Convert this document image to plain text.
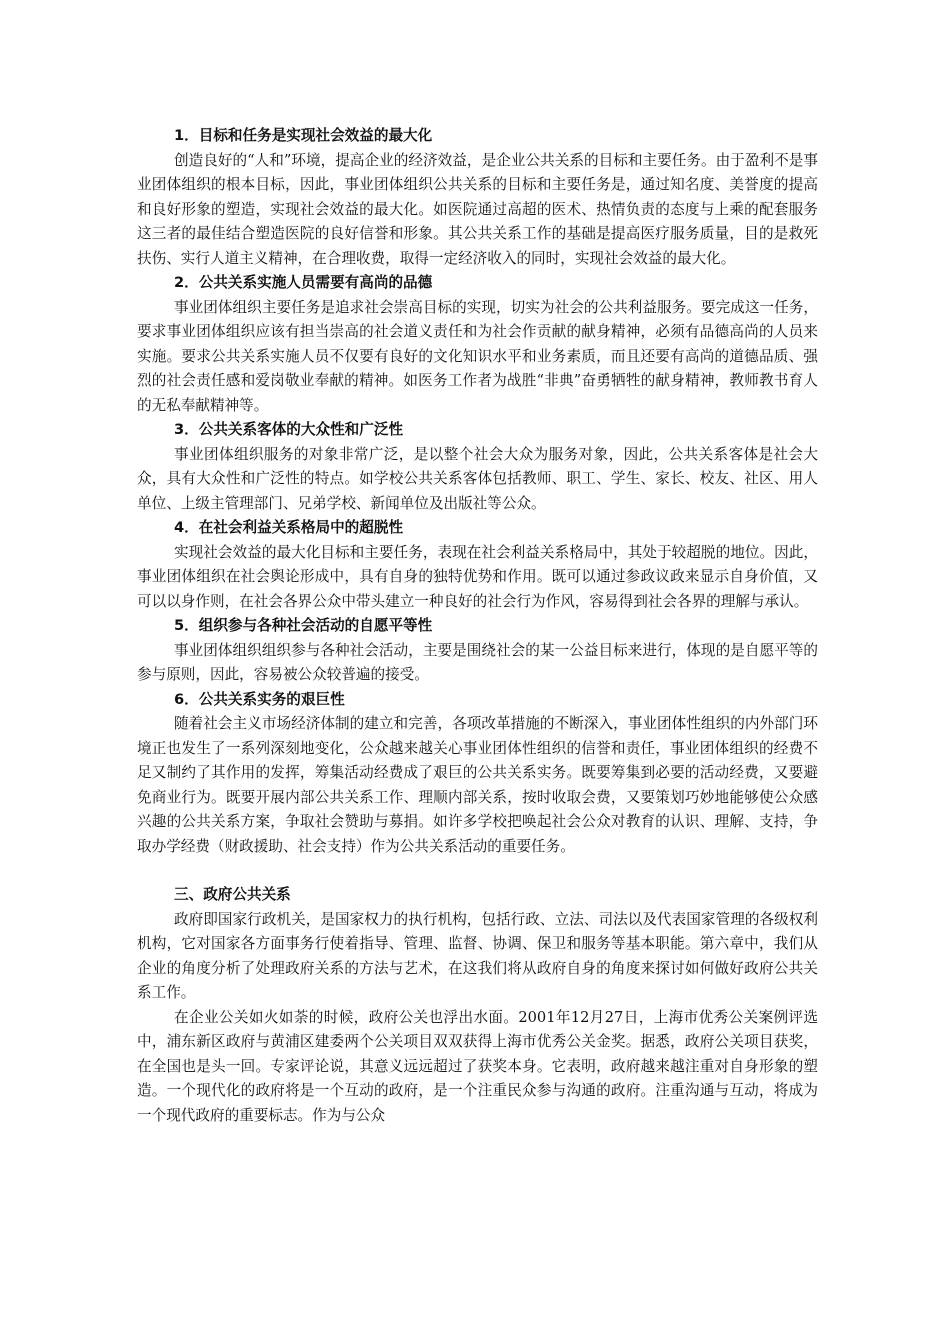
1．目标和任务是实现社会效益的最大化

创造良好的“人和”环境，提高企业的经济效益，是企业公共关系的目标和主要任务。由于盈利不是事业团体组织的根本目标，因此，事业团体组织公共关系的目标和主要任务是，通过知名度、美誉度的提高和良好形象的塑造，实现社会效益的最大化。如医院通过高超的医术、热情负责的态度与上乘的配套服务这三者的最佳结合塑造医院的良好信誉和形象。其公共关系工作的基础是提高医疗服务质量，目的是救死扶伤、实行人道主义精神，在合理收费，取得一定经济收入的同时，实现社会效益的最大化。

2．公共关系实施人员需要有高尚的品德

事业团体组织主要任务是追求社会崇高目标的实现，切实为社会的公共利益服务。要完成这一任务，要求事业团体组织应该有担当崇高的社会道义责任和为社会作贡献的献身精神，必须有品德高尚的人员来实施。要求公共关系实施人员不仅要有良好的文化知识水平和业务素质，而且还要有高尚的道德品质、强烈的社会责任感和爱岗敬业奉献的精神。如医务工作者为战胜“非典”奋勇牺牲的献身精神，教师教书育人的无私奉献精神等。

3．公共关系客体的大众性和广泛性

事业团体组织服务的对象非常广泛，是以整个社会大众为服务对象，因此，公共关系客体是社会大众，具有大众性和广泛性的特点。如学校公共关系客体包括教师、职工、学生、家长、校友、社区、用人单位、上级主管理部门、兄弟学校、新闻单位及出版社等公众。

4．在社会利益关系格局中的超脱性

实现社会效益的最大化目标和主要任务，表现在社会利益关系格局中，其处于较超脱的地位。因此，事业团体组织在社会舆论形成中，具有自身的独特优势和作用。既可以通过参政议政来显示自身价值，又可以以身作则，在社会各界公众中带头建立一种良好的社会行为作风，容易得到社会各界的理解与承认。

5．组织参与各种社会活动的自愿平等性

事业团体组织组织参与各种社会活动，主要是围绕社会的某一公益目标来进行，体现的是自愿平等的参与原则，因此，容易被公众较普遍的接受。

6．公共关系实务的艰巨性

随着社会主义市场经济体制的建立和完善，各项改革措施的不断深入，事业团体性组织的内外部门环境正也发生了一系列深刻地变化，公众越来越关心事业团体性组织的信誉和责任，事业团体组织的经费不足又制约了其作用的发挥，筹集活动经费成了艰巨的公共关系实务。既要筹集到必要的活动经费，又要避免商业行为。既要开展内部公共关系工作、理顺内部关系，按时收取会费，又要策划巧妙地能够使公众感兴趣的公共关系方案，争取社会赞助与募捐。如许多学校把唤起社会公众对教育的认识、理解、支持，争取办学经费（财政援助、社会支持）作为公共关系活动的重要任务。

三、政府公共关系

政府即国家行政机关，是国家权力的执行机构，包括行政、立法、司法以及代表国家管理的各级权利机构，它对国家各方面事务行使着指导、管理、监督、协调、保卫和服务等基本职能。第六章中，我们从企业的角度分析了处理政府关系的方法与艺术，在这我们将从政府自身的角度来探讨如何做好政府公共关系工作。

在企业公关如火如荼的时候，政府公关也浮出水面。2001年12月27日，上海市优秀公关案例评选中，浦东新区政府与黄浦区建委两个公关项目双双获得上海市优秀公关金奖。据悉，政府公关项目获奖，在全国也是头一回。专家评论说，其意义远远超过了获奖本身。它表明，政府越来越注重对自身形象的塑造。一个现代化的政府将是一个互动的政府，是一个注重民众参与沟通的政府。注重沟通与互动，将成为一个现代政府的重要标志。作为与公众
